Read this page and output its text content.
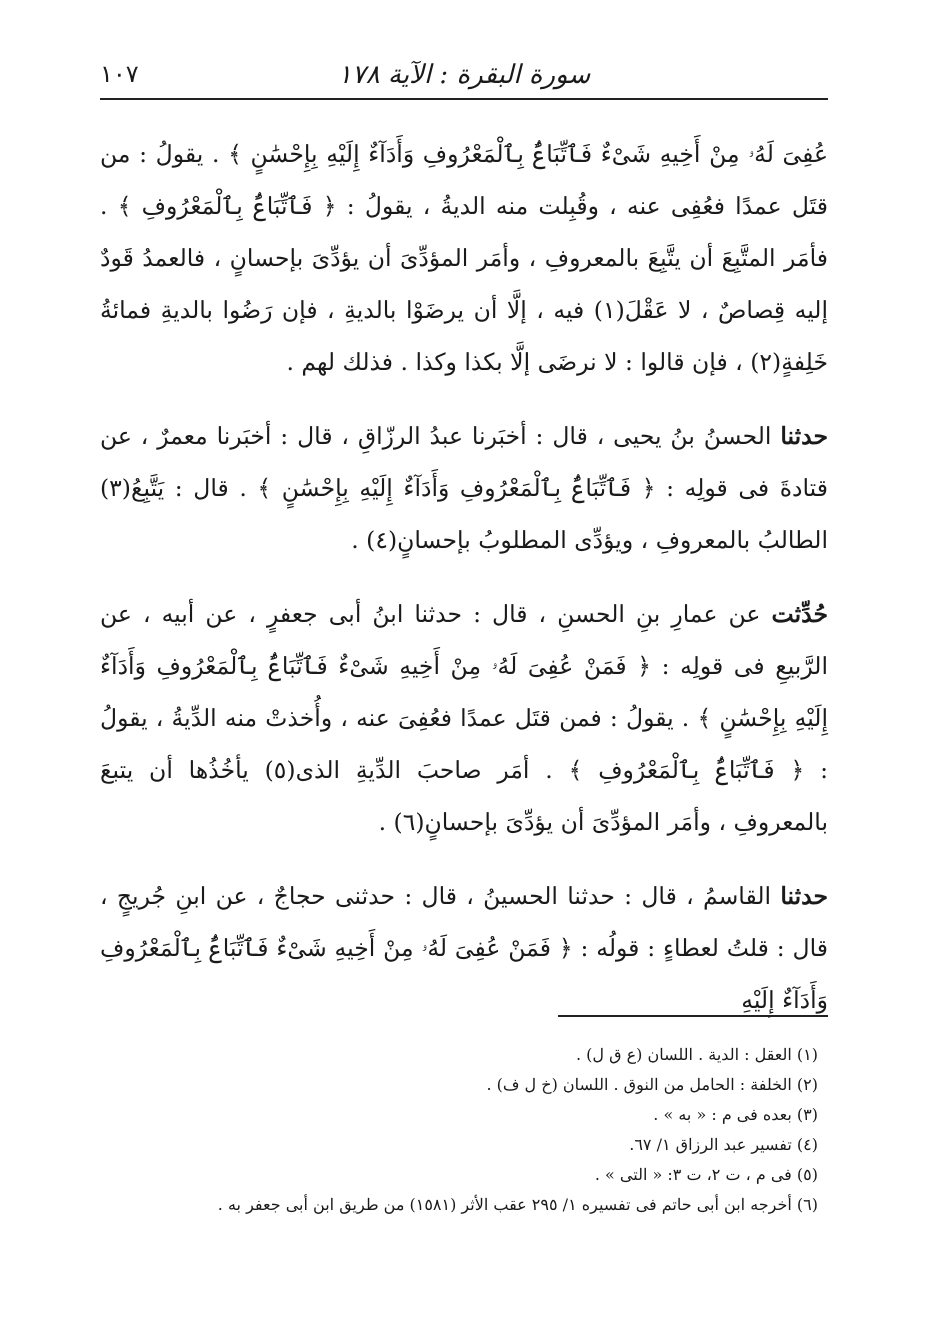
سورة البقرة : الآية ١٧٨
١٠٧

عُفِىَ لَهُۥ مِنْ أَخِيهِ شَىْءٌ فَٱتِّبَاعٌۢ بِٱلْمَعْرُوفِ وَأَدَآءٌ إِلَيْهِ بِإِحْسَٰنٍ ﴾ . يقولُ : من قتَل عمدًا فعُفِى عنه ، وقُبِلت منه الديةُ ، يقولُ : ﴿ فَٱتِّبَاعٌۢ بِٱلْمَعْرُوفِ ﴾ . فأمَر المتَّبِعَ أن يتَّبِعَ بالمعروفِ ، وأمَر المؤدِّىَ أن يؤدِّىَ بإحسانٍ ، فالعمدُ قَودٌ إليه قِصاصٌ ، لا عَقْلَ(١) فيه ، إلَّا أن يرضَوْا بالديةِ ، فإن رَضُوا بالديةِ فمائةُ خَلِفةٍ(٢) ، فإن قالوا : لا نرضَى إلَّا بكذا وكذا . فذلك لهم .

حدثنا الحسنُ بنُ يحيى ، قال : أخبَرنا عبدُ الرزّاقِ ، قال : أخبَرنا معمرٌ ، عن قتادةَ فى قولِه : ﴿ فَٱتِّبَاعٌۢ بِٱلْمَعْرُوفِ وَأَدَآءٌ إِلَيْهِ بِإِحْسَٰنٍ ﴾ . قال : يَتَّبِعُ(٣) الطالبُ بالمعروفِ ، ويؤدِّى المطلوبُ بإحسانٍ(٤) .

حُدِّثت عن عمارِ بنِ الحسنِ ، قال : حدثنا ابنُ أبى جعفرٍ ، عن أبيه ، عن الرَّبيعِ فى قولِه : ﴿ فَمَنْ عُفِىَ لَهُۥ مِنْ أَخِيهِ شَىْءٌ فَٱتِّبَاعٌۢ بِٱلْمَعْرُوفِ وَأَدَآءٌ إِلَيْهِ بِإِحْسَٰنٍ ﴾ . يقولُ : فمن قتَل عمدًا فعُفِىَ عنه ، وأُخذتْ منه الدِّيةُ ، يقولُ : ﴿ فَٱتِّبَاعٌۢ بِٱلْمَعْرُوفِ ﴾ . أمَر صاحبَ الدِّيةِ الذى(٥) يأخُذُها أن يتبعَ بالمعروفِ ، وأمَر المؤدِّىَ أن يؤدِّىَ بإحسانٍ(٦) .

حدثنا القاسمُ ، قال : حدثنا الحسينُ ، قال : حدثنى حجاجٌ ، عن ابنِ جُريجٍ ، قال : قلتُ لعطاءٍ : قولُه : ﴿ فَمَنْ عُفِىَ لَهُۥ مِنْ أَخِيهِ شَىْءٌ فَٱتِّبَاعٌۢ بِٱلْمَعْرُوفِ وَأَدَآءٌ إِلَيْهِ

(١) العقل : الدية . اللسان (ع ق ل) .
(٢) الخلفة : الحامل من النوق . اللسان (خ ل ف) .
(٣) بعده فى م : « به » .
(٤) تفسير عبد الرزاق ١/ ٦٧.
(٥) فى م ، ت ٢، ت ٣: « التى » .
(٦) أخرجه ابن أبى حاتم فى تفسيره ١/ ٢٩٥ عقب الأثر (١٥٨١) من طريق ابن أبى جعفر به .
